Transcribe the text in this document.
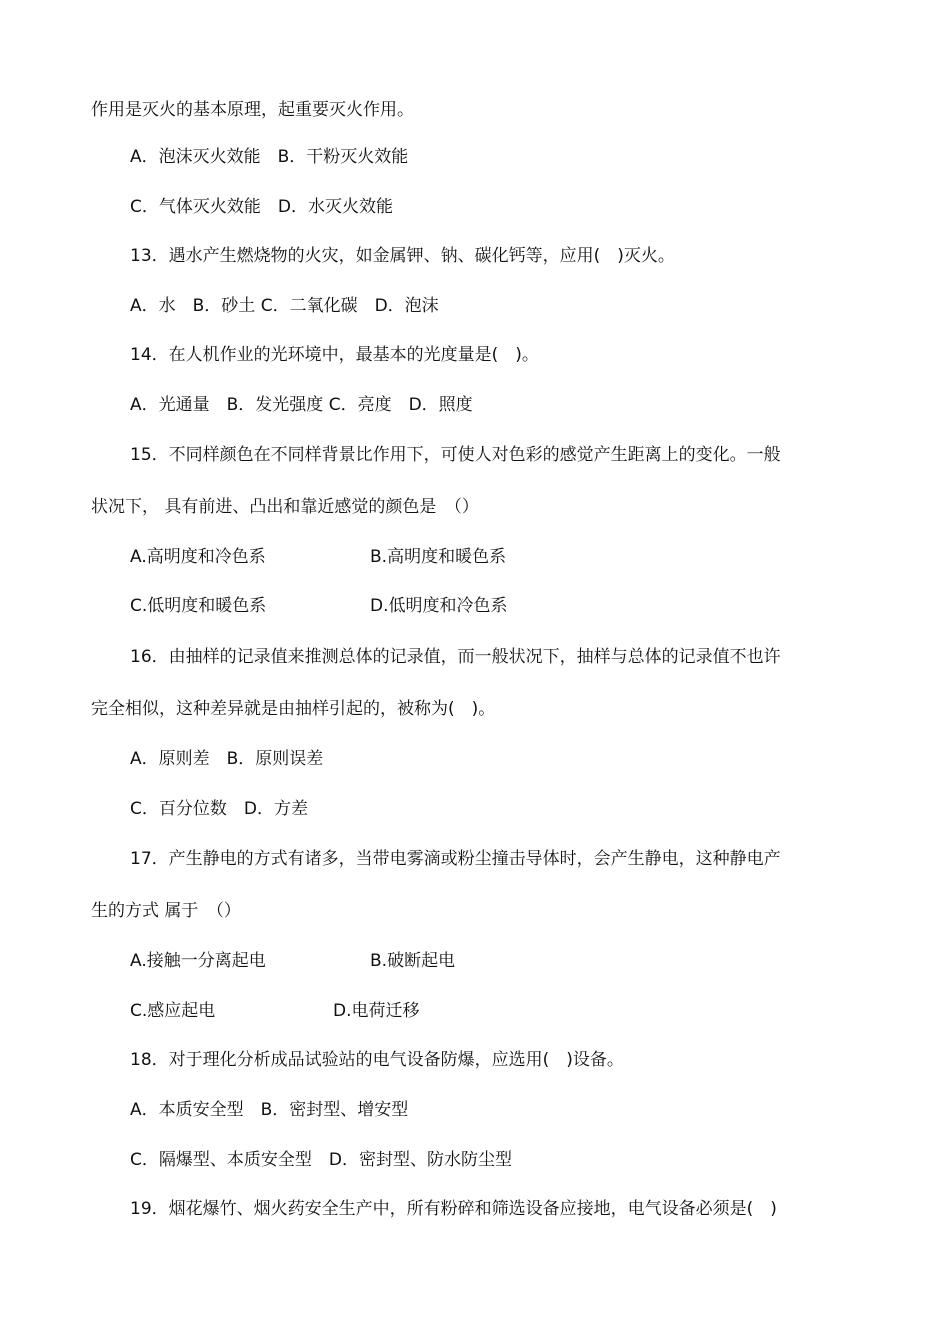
作用是灭火的基本原理，起重要灭火作用。
A．泡沫灭火效能　B．干粉灭火效能
C．气体灭火效能　D．水灭火效能
13．遇水产生燃烧物的火灾，如金属钾、钠、碳化钙等，应用(　)灭火。
A．水　B．砂土 C．二氧化碳　D．泡沫
14．在人机作业的光环境中，最基本的光度量是(　)。
A．光通量　B．发光强度 C．亮度　D．照度
15．不同样颜色在不同样背景比作用下，可使人对色彩的感觉产生距离上的变化。一般
状况下， 具有前进、凸出和靠近感觉的颜色是　（）
A.高明度和冷色系	B.高明度和暖色系
C.低明度和暖色系	D.低明度和冷色系
16．由抽样的记录值来推测总体的记录值，而一般状况下，抽样与总体的记录值不也许
完全相似，这种差异就是由抽样引起的，被称为(　)。
A．原则差　B．原则误差
C．百分位数　D．方差
17．产生静电的方式有诸多，当带电雾滴或粉尘撞击导体时，会产生静电，这种静电产
生的方式 属于　（）
A.接触一分离起电	B.破断起电
C.感应起电	D.电荷迁移
18．对于理化分析成品试验站的电气设备防爆，应选用(　)设备。
A．本质安全型　B．密封型、增安型
C．隔爆型、本质安全型　D．密封型、防水防尘型
19．烟花爆竹、烟火药安全生产中，所有粉碎和筛选设备应接地，电气设备必须是(　)
